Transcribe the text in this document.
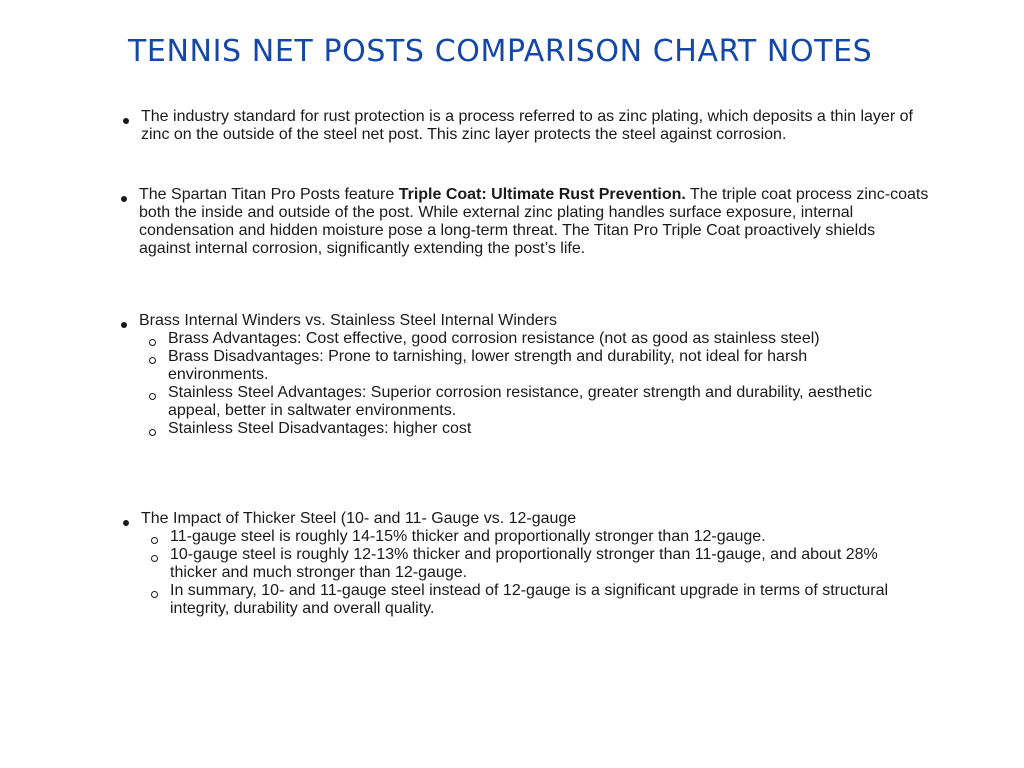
TENNIS NET POSTS COMPARISON CHART NOTES
The industry standard for rust protection is a process referred to as zinc plating, which deposits a thin layer of zinc on the outside of the steel net post. This zinc layer protects the steel against corrosion.
The Spartan Titan Pro Posts feature Triple Coat: Ultimate Rust Prevention. The triple coat process zinc-coats both the inside and outside of the post. While external zinc plating handles surface exposure, internal condensation and hidden moisture pose a long-term threat. The Titan Pro Triple Coat proactively shields against internal corrosion, significantly extending the post’s life.
Brass Internal Winders vs. Stainless Steel Internal Winders
Brass Advantages: Cost effective, good corrosion resistance (not as good as stainless steel)
Brass Disadvantages: Prone to tarnishing, lower strength and durability, not ideal for harsh environments.
Stainless Steel Advantages: Superior corrosion resistance, greater strength and durability, aesthetic appeal, better in saltwater environments.
Stainless Steel Disadvantages: higher cost
The Impact of Thicker Steel (10- and 11- Gauge vs. 12-gauge
11-gauge steel is roughly 14-15% thicker and proportionally stronger than 12-gauge.
10-gauge steel is roughly 12-13% thicker and proportionally stronger than 11-gauge, and about 28% thicker and much stronger than 12-gauge.
In summary, 10- and 11-gauge steel instead of 12-gauge is a significant upgrade in terms of structural integrity, durability and overall quality.
